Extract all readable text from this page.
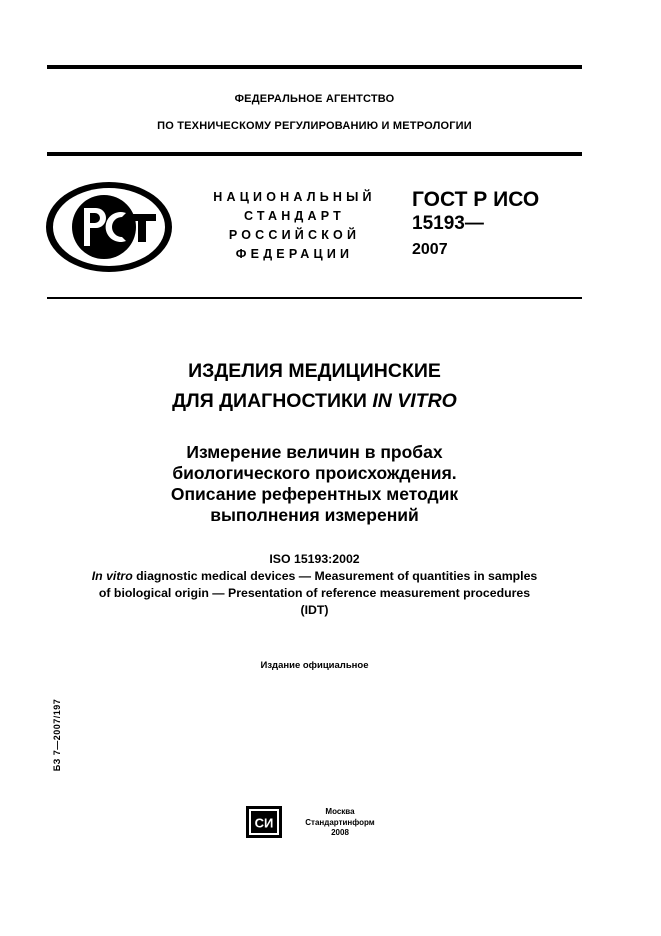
ФЕДЕРАЛЬНОЕ АГЕНТСТВО
ПО ТЕХНИЧЕСКОМУ РЕГУЛИРОВАНИЮ И МЕТРОЛОГИИ
НАЦИОНАЛЬНЫЙ
СТАНДАРТ
РОССИЙСКОЙ
ФЕДЕРАЦИИ
ГОСТ Р ИСО
15193—
2007
ИЗДЕЛИЯ МЕДИЦИНСКИЕ
ДЛЯ ДИАГНОСТИКИ IN VITRO
Измерение величин в пробах
биологического происхождения.
Описание референтных методик
выполнения измерений
ISO 15193:2002
In vitro diagnostic medical devices — Measurement of quantities in samples
of biological origin — Presentation of reference measurement procedures
(IDT)
Издание официальное
БЗ 7—2007/197
СИ
Москва
Стандартинформ
2008
